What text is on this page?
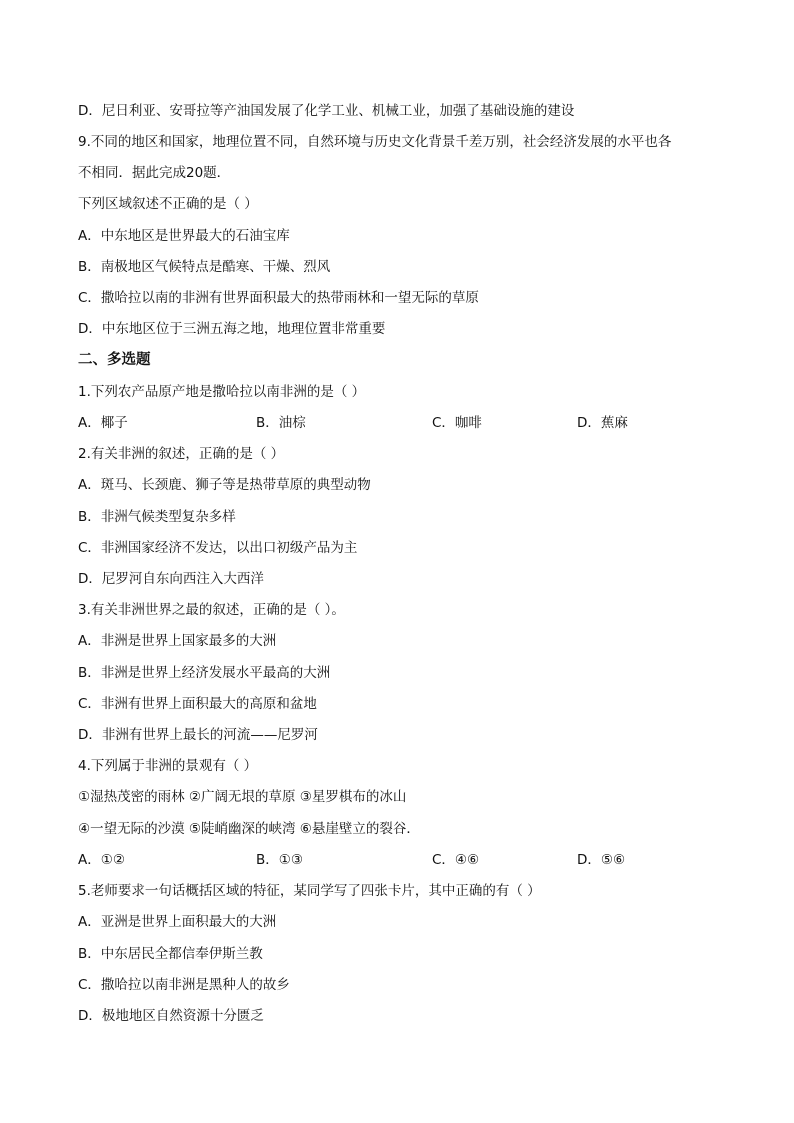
D．尼日利亚、安哥拉等产油国发展了化学工业、机械工业，加强了基础设施的建设
9.不同的地区和国家，地理位置不同，自然环境与历史文化背景千差万别，社会经济发展的水平也各
不相同．据此完成20题．
下列区域叙述不正确的是（ ）
A．中东地区是世界最大的石油宝库
B．南极地区气候特点是酷寒、干燥、烈风
C．撒哈拉以南的非洲有世界面积最大的热带雨林和一望无际的草原
D．中东地区位于三洲五海之地，地理位置非常重要
二、多选题
1.下列农产品原产地是撒哈拉以南非洲的是（ ）
A．椰子	B．油棕	C．咖啡	D．蕉麻
2.有关非洲的叙述，正确的是（ ）
A．斑马、长颈鹿、狮子等是热带草原的典型动物
B．非洲气候类型复杂多样
C．非洲国家经济不发达，以出口初级产品为主
D．尼罗河自东向西注入大西洋
3.有关非洲世界之最的叙述，正确的是（ ）。
A．非洲是世界上国家最多的大洲
B．非洲是世界上经济发展水平最高的大洲
C．非洲有世界上面积最大的高原和盆地
D．非洲有世界上最长的河流——尼罗河
4.下列属于非洲的景观有（ ）
①湿热茂密的雨林 ②广阔无垠的草原 ③星罗棋布的冰山
④一望无际的沙漠 ⑤陡峭幽深的峡湾 ⑥悬崖壁立的裂谷．
A．①②	B．①③	C．④⑥	D．⑤⑥
5.老师要求一句话概括区域的特征，某同学写了四张卡片，其中正确的有（ ）
A．亚洲是世界上面积最大的大洲
B．中东居民全都信奉伊斯兰教
C．撒哈拉以南非洲是黑种人的故乡
D．极地地区自然资源十分匮乏
